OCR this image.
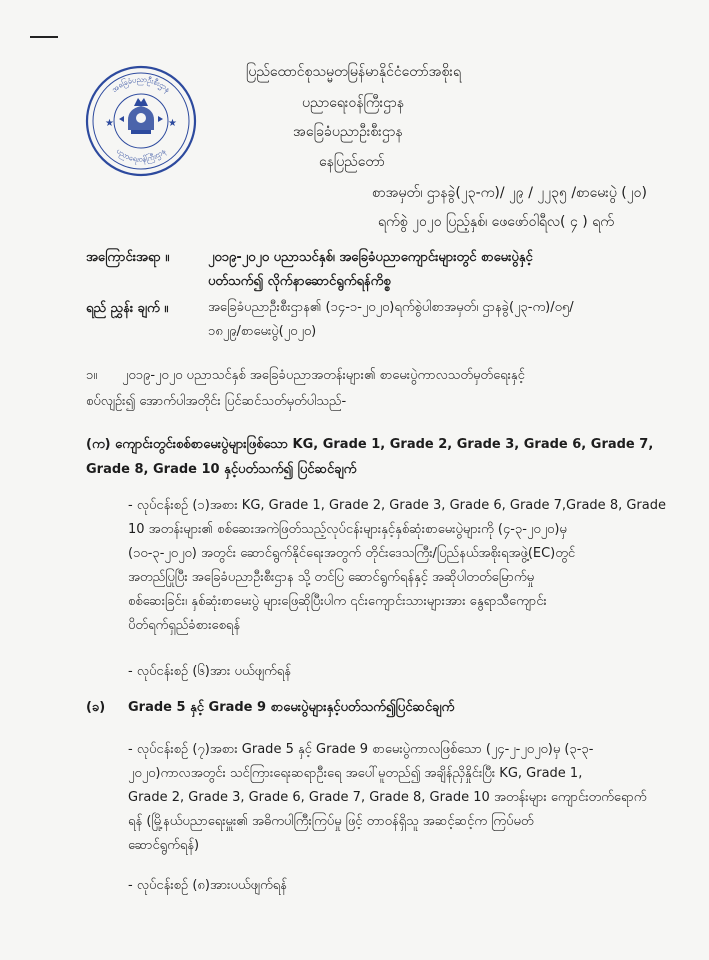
အခြေခံပညာဦးစီးဌာန
ပညာရေးဝန်ကြီးဌာန
★	★
ပြည်ထောင်စုသမ္မတမြန်မာနိုင်ငံတော်အစိုးရ
ပညာရေးဝန်ကြီးဌာန
အခြေခံပညာဦးစီးဌာန
နေပြည်တော်
စာအမှတ်၊ ဌာနခွဲ(၂၃-က)/ ၂၉ / ၂၂၃၅ /စာမေးပွဲ (၂၀)
ရက်စွဲ ၂၀၂၀ ပြည့်နှစ်၊ ဖေဖော်ဝါရီလ( ၄ ) ရက်
အကြောင်းအရာ ။	၂၀၁၉-၂၀၂၀ ပညာသင်နှစ်၊ အခြေခံပညာကျောင်းများတွင် စာမေးပွဲနှင့်
ပတ်သက်၍ လိုက်နာဆောင်ရွက်ရန်ကိစ္စ
ရည် ညွှန်း ချက် ။	အခြေခံပညာဦးစီးဌာန၏ (၁၄-၁-၂၀၂၀)ရက်စွဲပါစာအမှတ်၊ ဌာနခွဲ(၂၃-က)/၀၅/
၁၈၂၉/စာမေးပွဲ(၂၀၂၀)
၁။ ၂၀၁၉-၂၀၂၀ ပညာသင်နှစ် အခြေခံပညာအတန်းများ၏ စာမေးပွဲကာလသတ်မှတ်ရေးနှင့်
စပ်လျဉ်း၍ အောက်ပါအတိုင်း ပြင်ဆင်သတ်မှတ်ပါသည်-
(က) ကျောင်းတွင်းစစ်စာမေးပွဲများဖြစ်သော KG, Grade 1, Grade 2, Grade 3, Grade 6, Grade 7,
Grade 8, Grade 10 နှင့်ပတ်သက်၍ ပြင်ဆင်ချက်
- လုပ်ငန်းစဉ် (၁)အစား KG, Grade 1, Grade 2, Grade 3, Grade 6, Grade 7,Grade 8, Grade
10 အတန်းများ၏ စစ်ဆေးအကဲဖြတ်သည့်လုပ်ငန်းများနှင့်နှစ်ဆုံးစာမေးပွဲများကို (၄-၃-၂၀၂၀)မှ
(၁၀-၃-၂၀၂၀) အတွင်း ဆောင်ရွက်နိုင်ရေးအတွက် တိုင်းဒေသကြီး/ပြည်နယ်အစိုးရအဖွဲ့(EC)တွင်
အတည်ပြုပြီး အခြေခံပညာဦးစီးဌာန သို့ တင်ပြ ဆောင်ရွက်ရန်နှင့် အဆိုပါတတ်မြောက်မှု
စစ်ဆေးခြင်း၊ နှစ်ဆုံးစာမေးပွဲ များဖြေဆိုပြီးပါက ၎င်းကျောင်းသားများအား နွေရာသီကျောင်း
ပိတ်ရက်ရှည်ခံစားစေရန်
- လုပ်ငန်းစဉ် (၆)အား ပယ်ဖျက်ရန်
(ခ) Grade 5 နှင့် Grade 9 စာမေးပွဲများနှင့်ပတ်သက်၍ပြင်ဆင်ချက်
- လုပ်ငန်းစဉ် (၇)အစား Grade 5 နှင့် Grade 9 စာမေးပွဲကာလဖြစ်သော (၂၄-၂-၂၀၂၀)မှ (၃-၃-
၂၀၂၀)ကာလအတွင်း သင်ကြားရေးဆရာဦးရေ အပေါ်မူတည်၍ အချိန်ညှိနှိုင်းပြီး KG, Grade 1,
Grade 2, Grade 3, Grade 6, Grade 7, Grade 8, Grade 10 အတန်းများ ကျောင်းတက်ရောက်
ရန် (မြို့နယ်ပညာရေးမှူး၏ အဓိကပါကြီးကြပ်မှု ဖြင့် တာဝန်ရှိသူ အဆင့်ဆင့်က ကြပ်မတ်
ဆောင်ရွက်ရန်)
- လုပ်ငန်းစဉ် (၈)အားပယ်ဖျက်ရန်
